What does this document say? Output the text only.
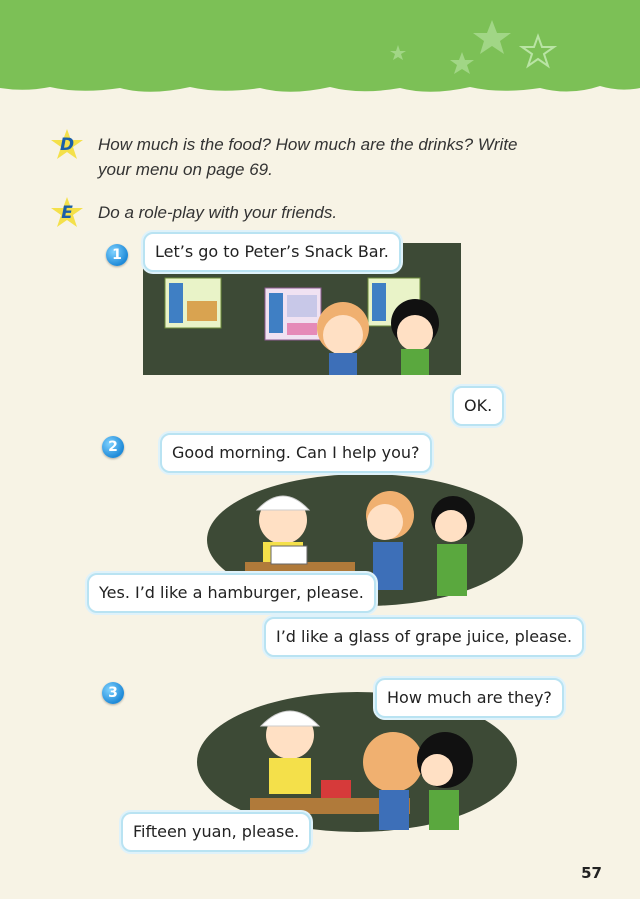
D	How much is the food? How much are the drinks? Write
your menu on page 69.
E	Do a role-play with your friends.
1	Let’s go to Peter’s Snack Bar.
OK.
2	Good morning. Can I help you?
Yes. I’d like a hamburger, please.
I’d like a glass of grape juice, please.
3	How much are they?
Fifteen yuan, please.
57
